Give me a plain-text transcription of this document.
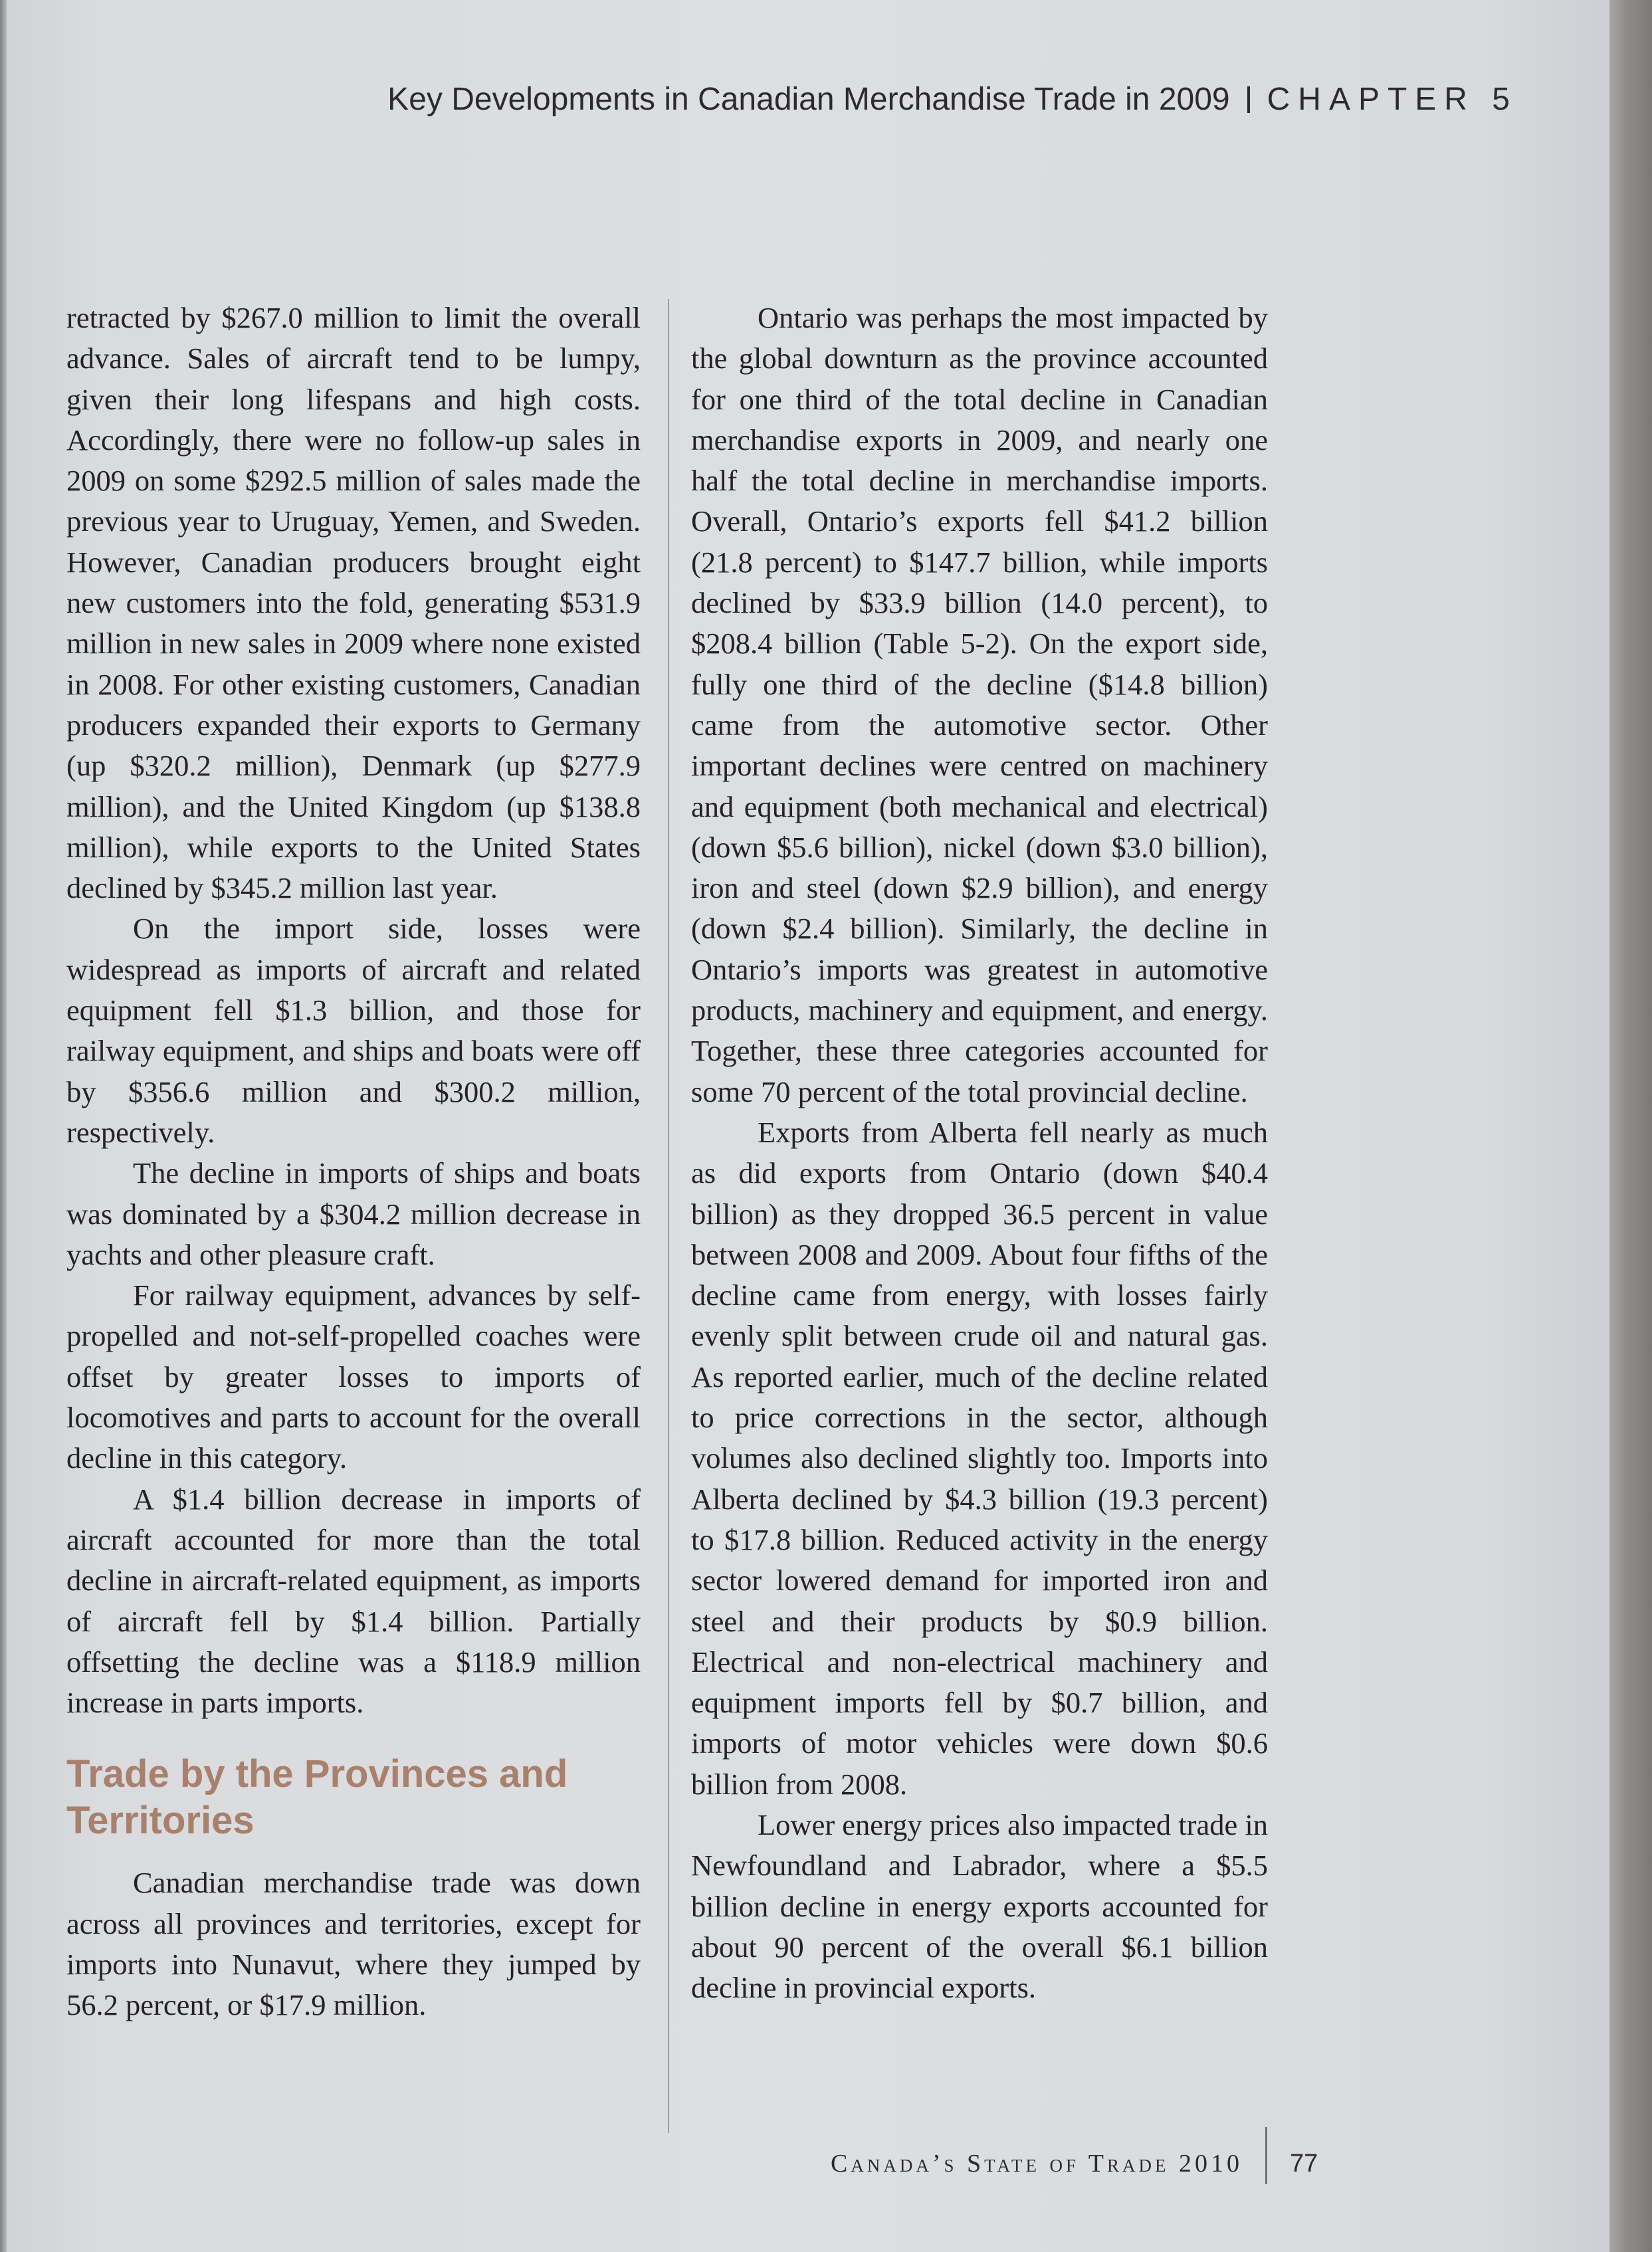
Key Developments in Canadian Merchandise Trade in 2009 CHAPTER 5

retracted by $267.0 million to limit the overall advance. Sales of aircraft tend to be lumpy, given their long lifespans and high costs. Accordingly, there were no follow-up sales in 2009 on some $292.5 million of sales made the previous year to Uruguay, Yemen, and Sweden. However, Canadian producers brought eight new customers into the fold, generating $531.9 million in new sales in 2009 where none existed in 2008. For other existing customers, Canadian producers expanded their exports to Germany (up $320.2 million), Denmark (up $277.9 million), and the United Kingdom (up $138.8 million), while exports to the United States declined by $345.2 million last year.

On the import side, losses were widespread as imports of aircraft and related equipment fell $1.3 billion, and those for railway equipment, and ships and boats were off by $356.6 million and $300.2 million, respectively.

The decline in imports of ships and boats was dominated by a $304.2 million decrease in yachts and other pleasure craft.

For railway equipment, advances by self-propelled and not-self-propelled coaches were offset by greater losses to imports of locomotives and parts to account for the overall decline in this category.

A $1.4 billion decrease in imports of aircraft accounted for more than the total decline in aircraft-related equipment, as imports of aircraft fell by $1.4 billion. Partially offsetting the decline was a $118.9 million increase in parts imports.

Trade by the Provinces and Territories

Canadian merchandise trade was down across all provinces and territories, except for imports into Nunavut, where they jumped by 56.2 percent, or $17.9 million.

Ontario was perhaps the most impacted by the global downturn as the province accounted for one third of the total decline in Canadian merchandise exports in 2009, and nearly one half the total decline in merchandise imports. Overall, Ontario’s exports fell $41.2 billion (21.8 percent) to $147.7 billion, while imports declined by $33.9 billion (14.0 percent), to $208.4 billion (Table 5-2). On the export side, fully one third of the decline ($14.8 billion) came from the automotive sector. Other important declines were centred on machinery and equipment (both mechanical and electrical) (down $5.6 billion), nickel (down $3.0 billion), iron and steel (down $2.9 billion), and energy (down $2.4 billion). Similarly, the decline in Ontario’s imports was greatest in automotive products, machinery and equipment, and energy. Together, these three categories accounted for some 70 percent of the total provincial decline.

Exports from Alberta fell nearly as much as did exports from Ontario (down $40.4 billion) as they dropped 36.5 percent in value between 2008 and 2009. About four fifths of the decline came from energy, with losses fairly evenly split between crude oil and natural gas. As reported earlier, much of the decline related to price corrections in the sector, although volumes also declined slightly too. Imports into Alberta declined by $4.3 billion (19.3 percent) to $17.8 billion. Reduced activity in the energy sector lowered demand for imported iron and steel and their products by $0.9 billion. Electrical and non-electrical machinery and equipment imports fell by $0.7 billion, and imports of motor vehicles were down $0.6 billion from 2008.

Lower energy prices also impacted trade in Newfoundland and Labrador, where a $5.5 billion decline in energy exports accounted for about 90 percent of the overall $6.1 billion decline in provincial exports.

Canada’s State of Trade 2010 77
